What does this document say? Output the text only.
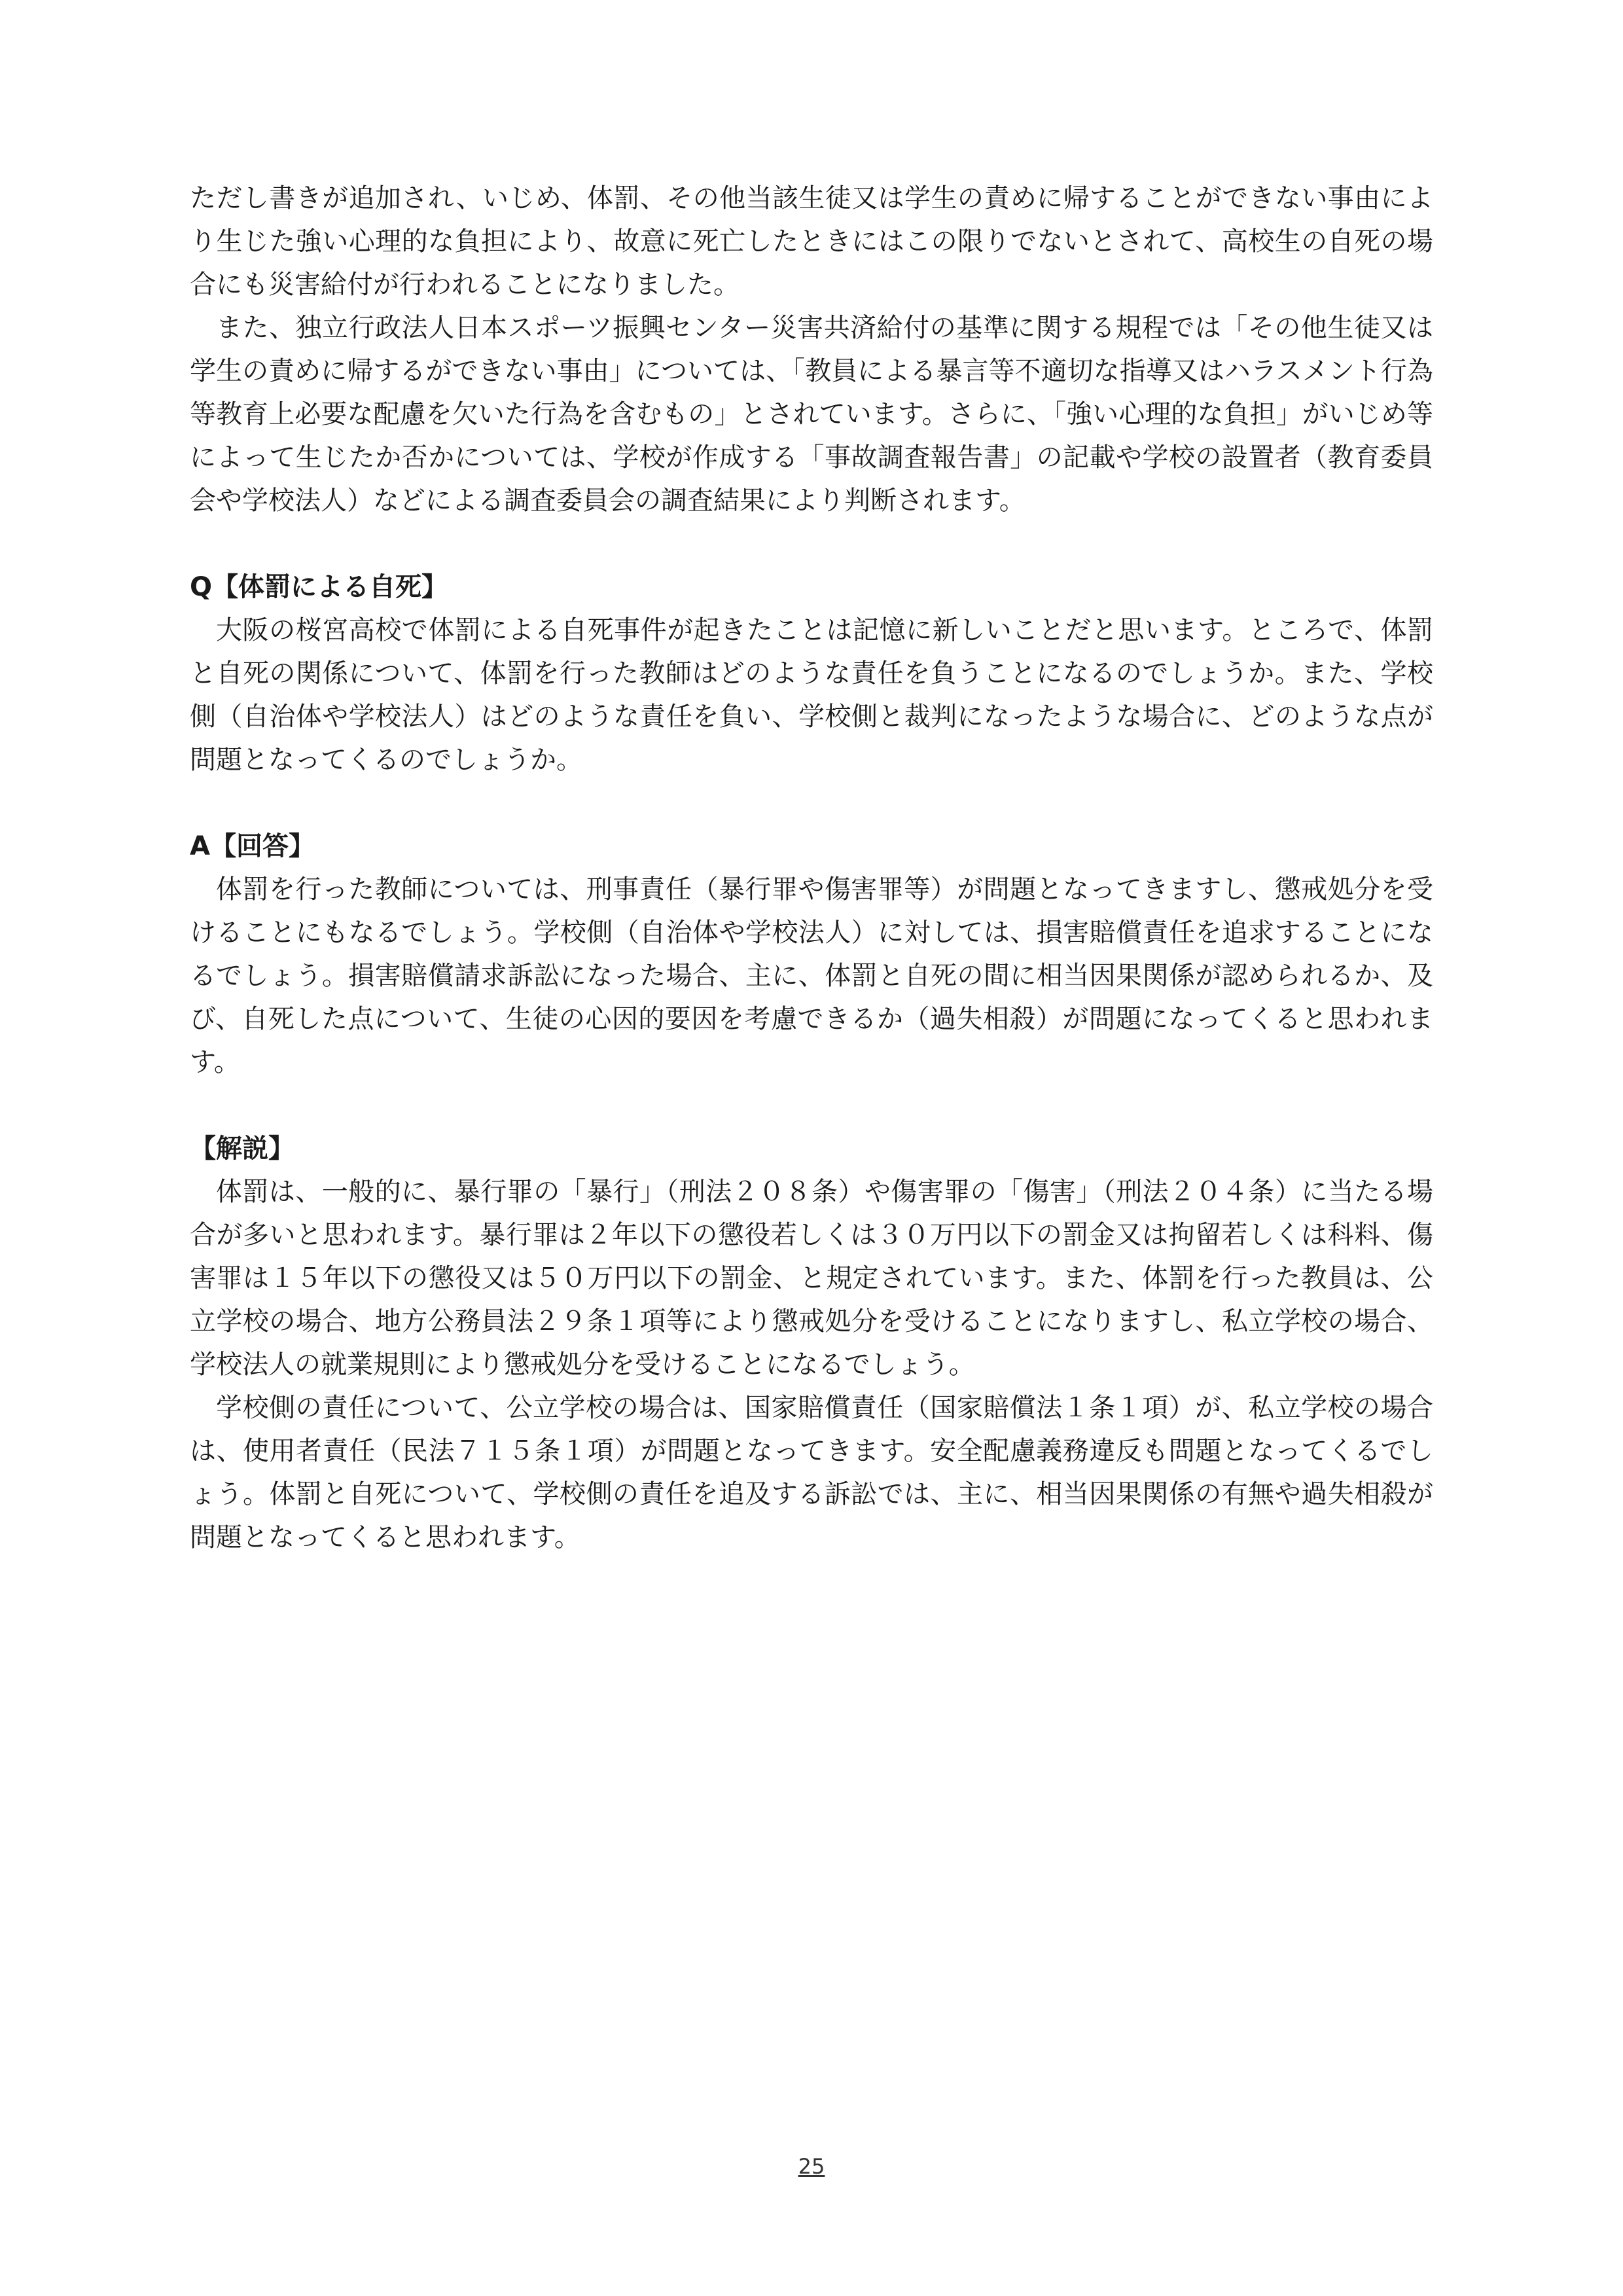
ただし書きが追加され、いじめ、体罰、その他当該生徒又は学生の責めに帰することができない事由により生じた強い心理的な負担により、故意に死亡したときにはこの限りでないとされて、高校生の自死の場合にも災害給付が行われることになりました。

また、独立行政法人日本スポーツ振興センター災害共済給付の基準に関する規程では「その他生徒又は学生の責めに帰するができない事由」については、「教員による暴言等不適切な指導又はハラスメント行為等教育上必要な配慮を欠いた行為を含むもの」とされています。さらに、「強い心理的な負担」がいじめ等によって生じたか否かについては、学校が作成する「事故調査報告書」の記載や学校の設置者（教育委員会や学校法人）などによる調査委員会の調査結果により判断されます。

Q【体罰による自死】

大阪の桜宮高校で体罰による自死事件が起きたことは記憶に新しいことだと思います。ところで、体罰と自死の関係について、体罰を行った教師はどのような責任を負うことになるのでしょうか。また、学校側（自治体や学校法人）はどのような責任を負い、学校側と裁判になったような場合に、どのような点が問題となってくるのでしょうか。

A【回答】

体罰を行った教師については、刑事責任（暴行罪や傷害罪等）が問題となってきますし、懲戒処分を受けることにもなるでしょう。学校側（自治体や学校法人）に対しては、損害賠償責任を追求することになるでしょう。損害賠償請求訴訟になった場合、主に、体罰と自死の間に相当因果関係が認められるか、及び、自死した点について、生徒の心因的要因を考慮できるか（過失相殺）が問題になってくると思われます。

【解説】

体罰は、一般的に、暴行罪の「暴行」（刑法２０８条）や傷害罪の「傷害」（刑法２０４条）に当たる場合が多いと思われます。暴行罪は２年以下の懲役若しくは３０万円以下の罰金又は拘留若しくは科料、傷害罪は１５年以下の懲役又は５０万円以下の罰金、と規定されています。また、体罰を行った教員は、公立学校の場合、地方公務員法２９条１項等により懲戒処分を受けることになりますし、私立学校の場合、学校法人の就業規則により懲戒処分を受けることになるでしょう。

学校側の責任について、公立学校の場合は、国家賠償責任（国家賠償法１条１項）が、私立学校の場合は、使用者責任（民法７１５条１項）が問題となってきます。安全配慮義務違反も問題となってくるでしょう。体罰と自死について、学校側の責任を追及する訴訟では、主に、相当因果関係の有無や過失相殺が問題となってくると思われます。

25
